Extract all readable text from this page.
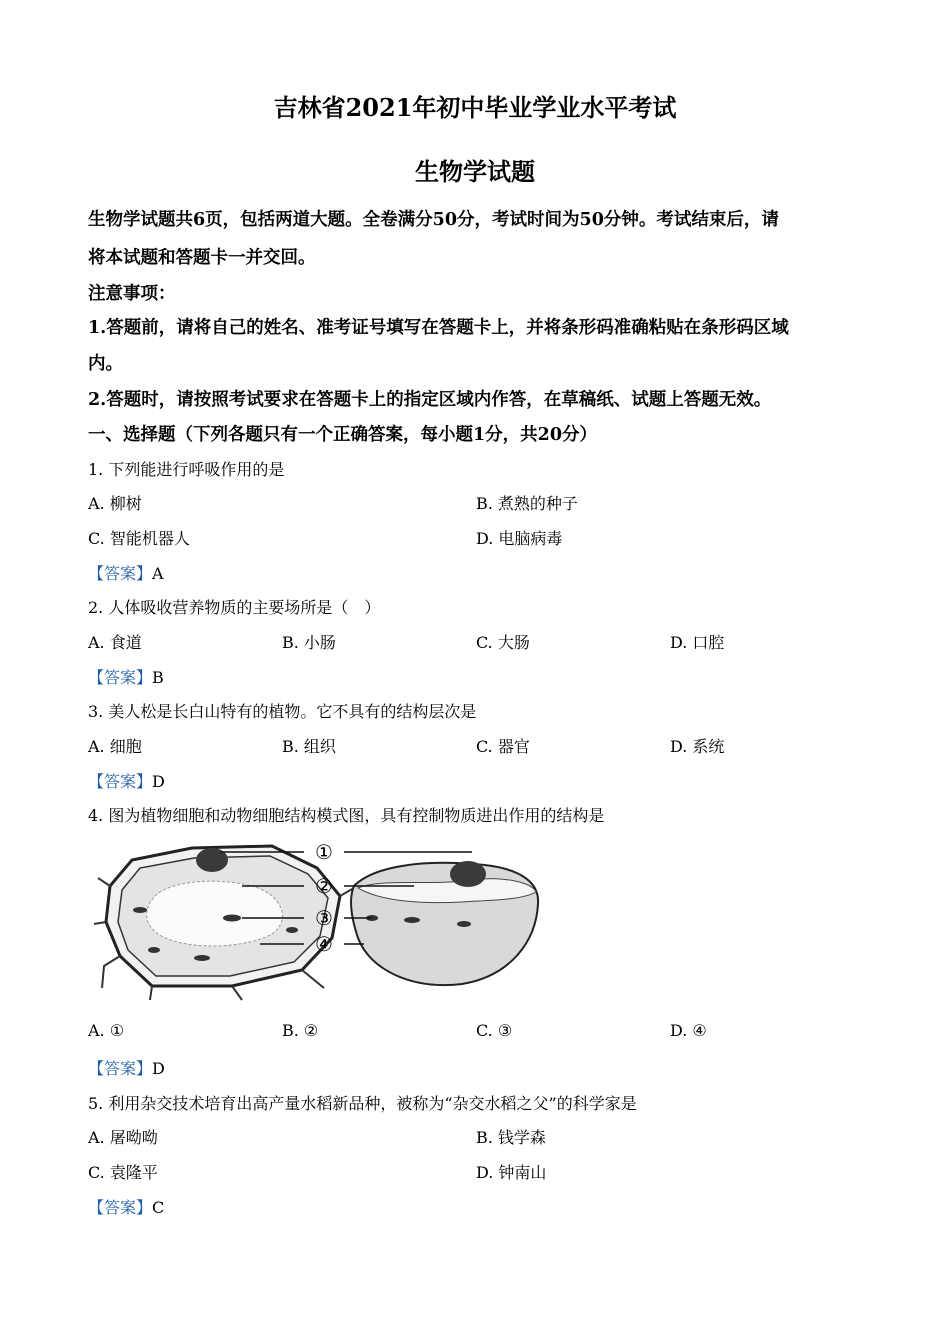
吉林省2021年初中毕业学业水平考试
生物学试题
生物学试题共6页，包括两道大题。全卷满分50分，考试时间为50分钟。考试结束后，请
将本试题和答题卡一并交回。
注意事项：
1.答题前，请将自己的姓名、准考证号填写在答题卡上，并将条形码准确粘贴在条形码区域
内。
2.答题时，请按照考试要求在答题卡上的指定区域内作答，在草稿纸、试题上答题无效。
一、选择题（下列各题只有一个正确答案，每小题1分，共20分）
1. 下列能进行呼吸作用的是
A. 柳树	B. 煮熟的种子
C. 智能机器人	D. 电脑病毒
【答案】A
2. 人体吸收营养物质的主要场所是（　）
A. 食道	B. 小肠	C. 大肠	D. 口腔
【答案】B
3. 美人松是长白山特有的植物。它不具有的结构层次是
A. 细胞	B. 组织	C. 器官	D. 系统
【答案】D
4. 图为植物细胞和动物细胞结构模式图，具有控制物质进出作用的结构是
①
②
③
④
A. ①	B. ②	C. ③	D. ④
【答案】D
5. 利用杂交技术培育出高产量水稻新品种，被称为“杂交水稻之父”的科学家是
A. 屠呦呦	B. 钱学森
C. 袁隆平	D. 钟南山
【答案】C
